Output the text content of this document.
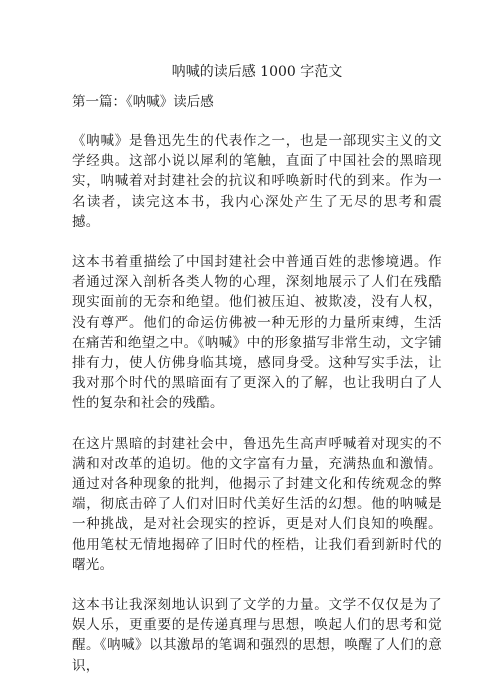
呐喊的读后感 1000 字范文
第一篇：《呐喊》读后感

《呐喊》是鲁迅先生的代表作之一，也是一部现实主义的文学经典。这部小说以犀利的笔触，直面了中国社会的黑暗现实，呐喊着对封建社会的抗议和呼唤新时代的到来。作为一名读者，读完这本书，我内心深处产生了无尽的思考和震撼。

这本书着重描绘了中国封建社会中普通百姓的悲惨境遇。作者通过深入剖析各类人物的心理，深刻地展示了人们在残酷现实面前的无奈和绝望。他们被压迫、被欺凌，没有人权，没有尊严。他们的命运仿佛被一种无形的力量所束缚，生活在痛苦和绝望之中。《呐喊》中的形象描写非常生动，文字铺排有力，使人仿佛身临其境，感同身受。这种写实手法，让我对那个时代的黑暗面有了更深入的了解，也让我明白了人性的复杂和社会的残酷。

在这片黑暗的封建社会中，鲁迅先生高声呼喊着对现实的不满和对改革的追切。他的文字富有力量，充满热血和激情。通过对各种现象的批判，他揭示了封建文化和传统观念的弊端，彻底击碎了人们对旧时代美好生活的幻想。他的呐喊是一种挑战，是对社会现实的控诉，更是对人们良知的唤醒。他用笔杖无情地揭碎了旧时代的桎梏，让我们看到新时代的曙光。

这本书让我深刻地认识到了文学的力量。文学不仅仅是为了娱人乐，更重要的是传递真理与思想，唤起人们的思考和觉醒。《呐喊》以其激昂的笔调和强烈的思想，唤醒了人们的意识，
